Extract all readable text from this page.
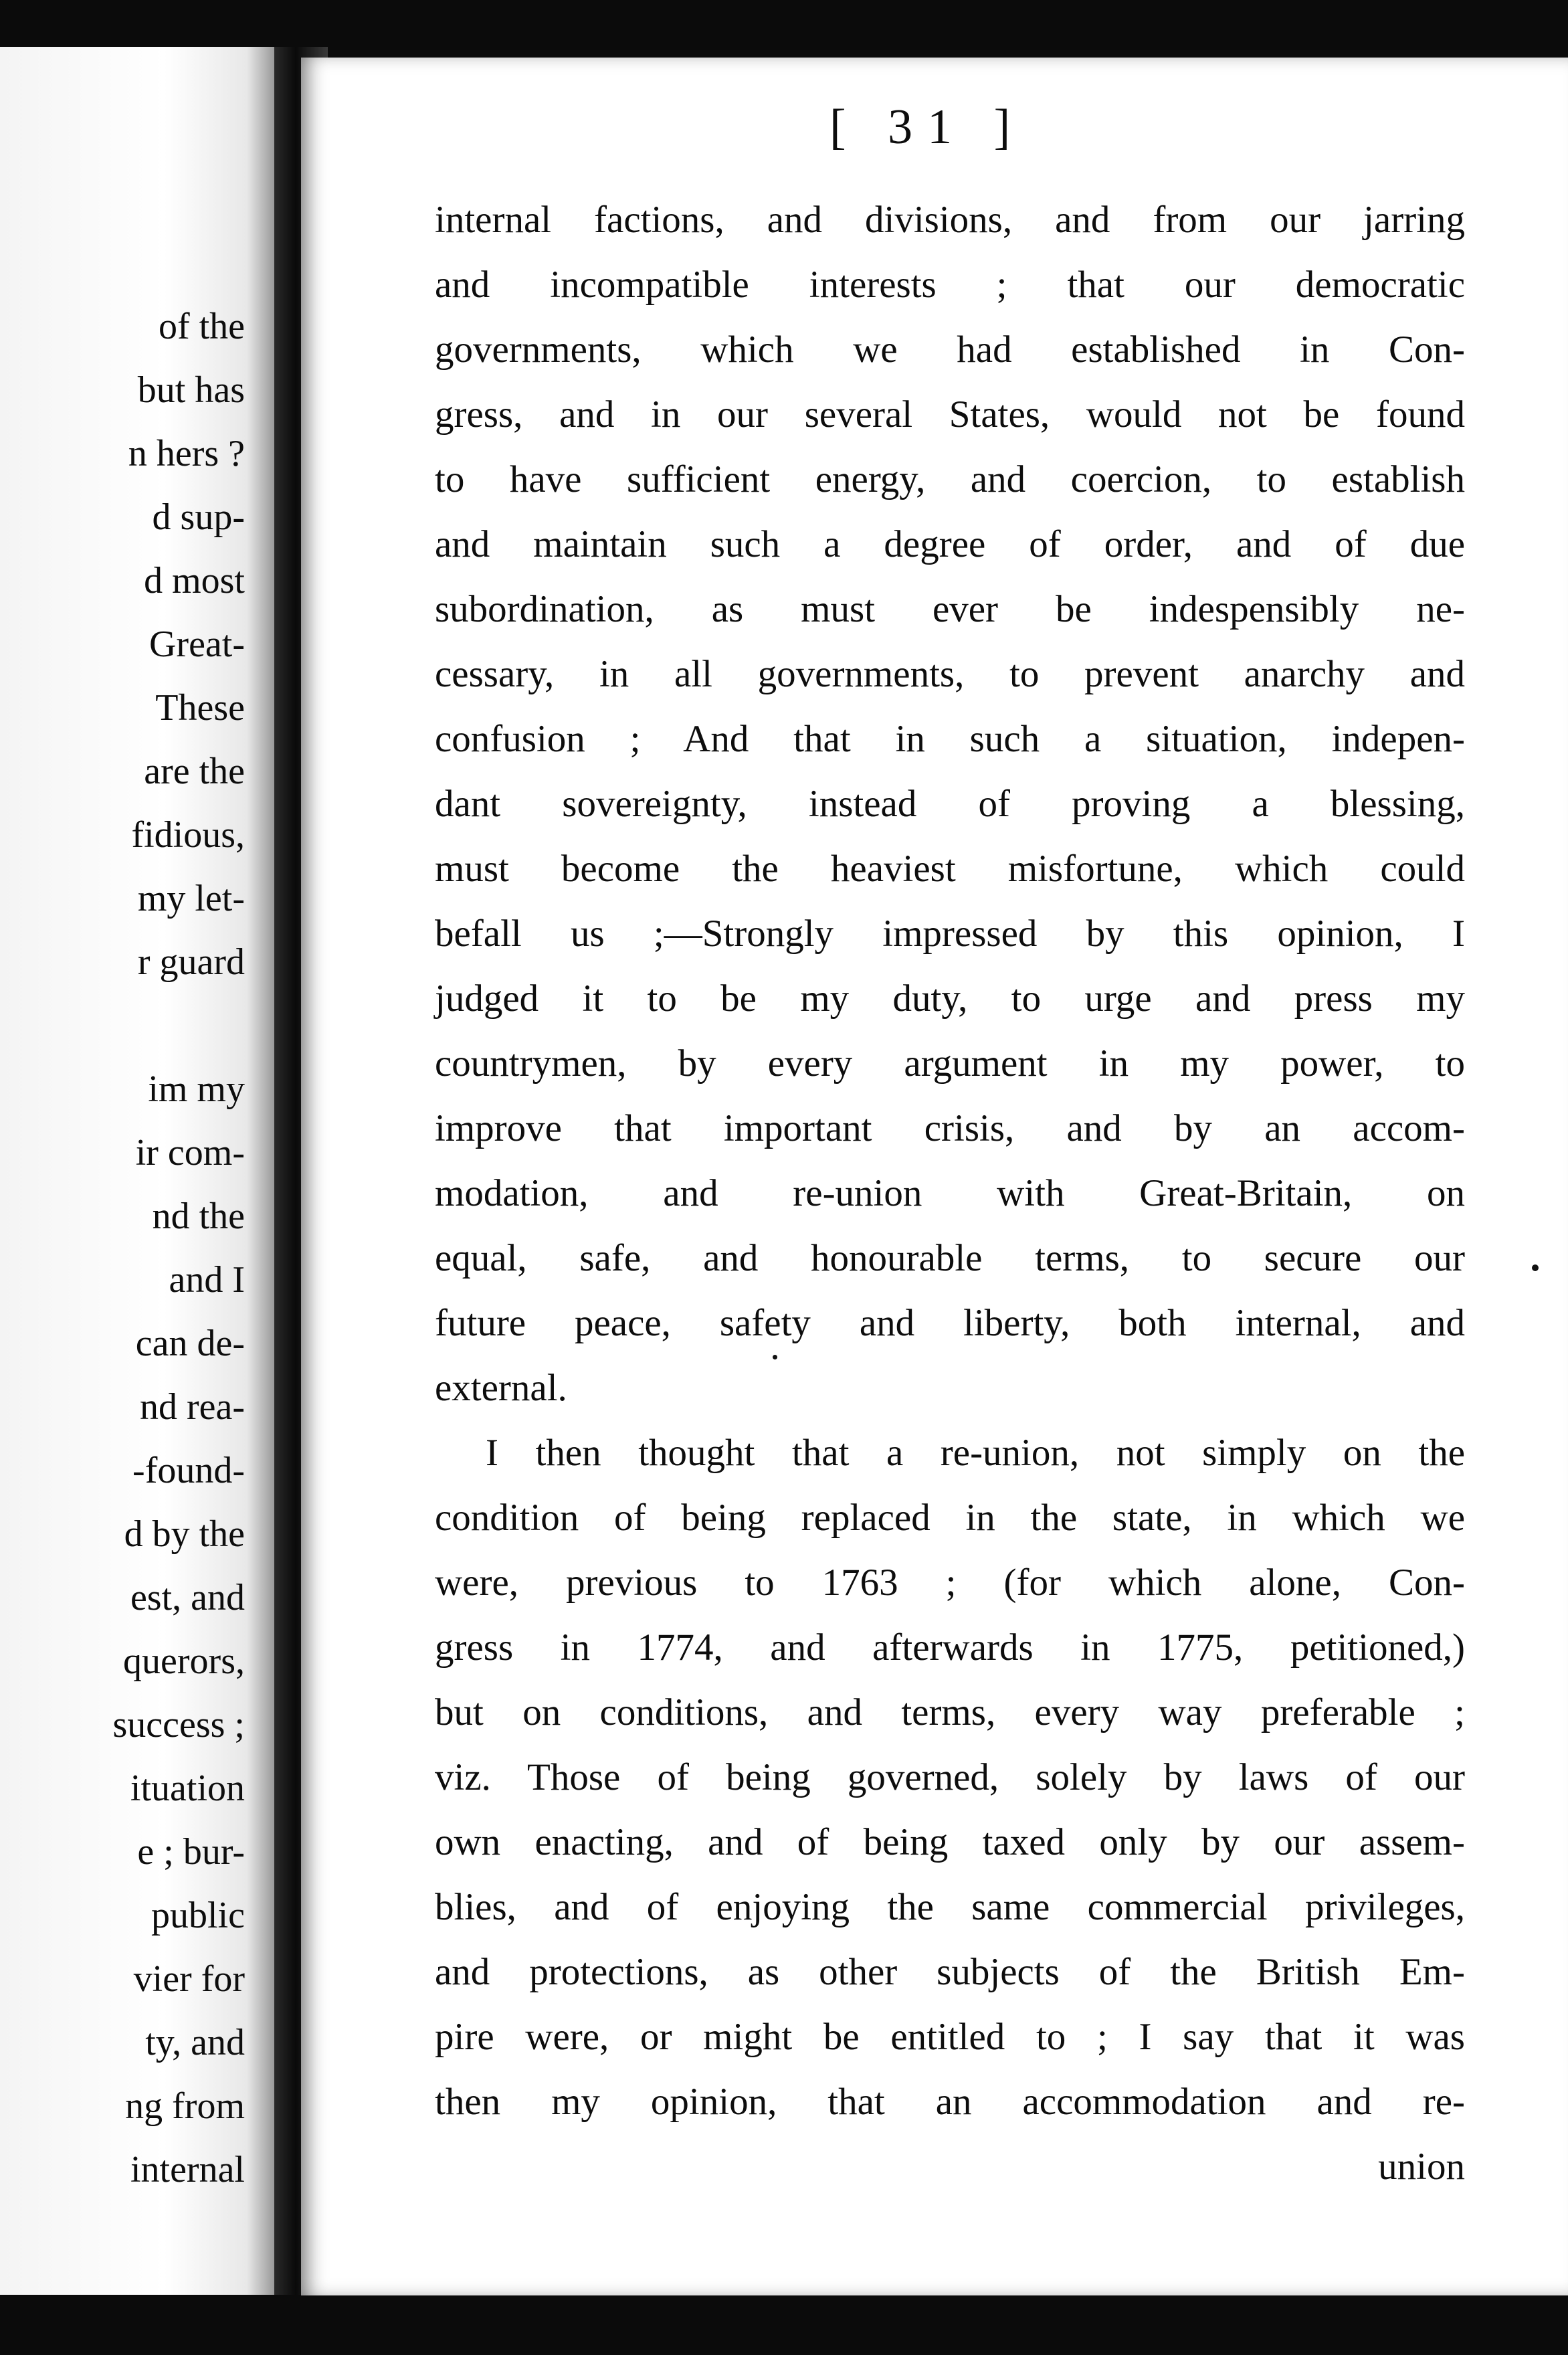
of the

but has

n hers ?

d sup-

d most

Great-

These

are the

fidious,

my let-

r guard

im my

ir com-

nd the

and I

can de-

nd rea-

-found-

d by the

est, and

querors,

success ;

ituation

e ; bur-

public

vier for

ty, and

ng from

internal

[ 31 ]

internal factions, and divisions, and from our jarring
and incompatible interests ; that our democratic
governments, which we had established in Con-
gress, and in our several States, would not be found
to have sufficient energy, and coercion, to establish
and maintain such a degree of order, and of due
subordination, as must ever be indespensibly ne-
cessary, in all governments, to prevent anarchy and
confusion ; And that in such a situation, indepen-
dant sovereignty, instead of proving a blessing,
must become the heaviest misfortune, which could
befall us ;—Strongly impressed by this opinion, I
judged it to be my duty, to urge and press my
countrymen, by every argument in my power, to
improve that important crisis, and by an accom-
modation, and re-union with Great-Britain, on
equal, safe, and honourable terms, to secure our
future peace, safety and liberty, both internal, and
external.
I then thought that a re-union, not simply on the
condition of being replaced in the state, in which we
were, previous to 1763 ; (for which alone, Con-
gress in 1774, and afterwards in 1775, petitioned,)
but on conditions, and terms, every way preferable ;
viz. Those of being governed, solely by laws of our
own enacting, and of being taxed only by our assem-
blies, and of enjoying the same commercial privileges,
and protections, as other subjects of the British Em-
pire were, or might be entitled to ; I say that it was
then my opinion, that an accommodation and re-
union
